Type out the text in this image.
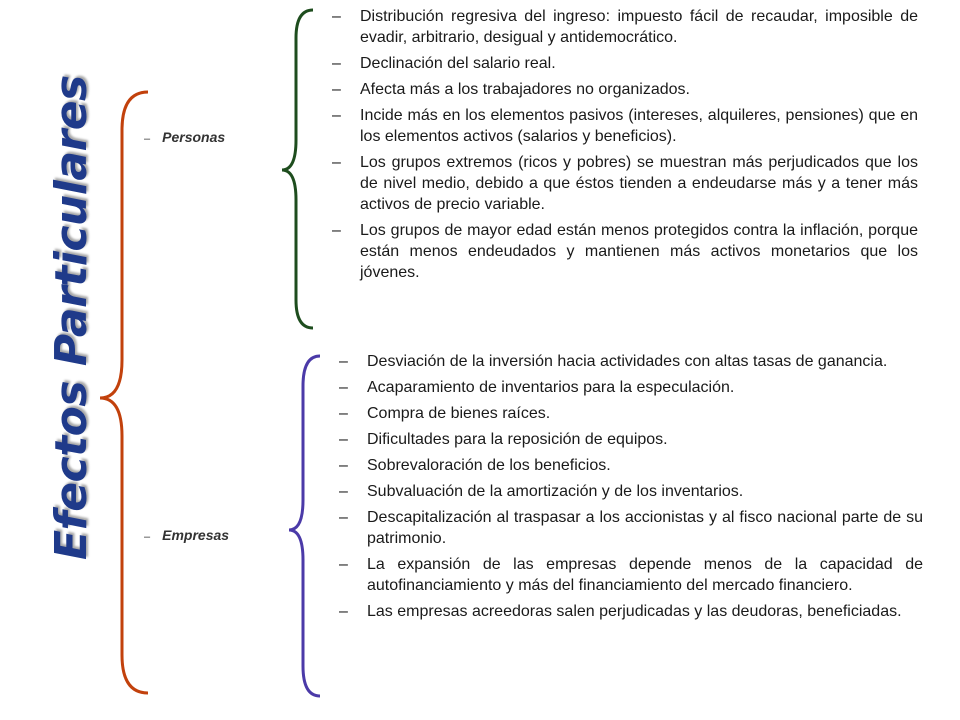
Efectos Particulares	– Personas
– Empresas
– Distribución regresiva del ingreso: impuesto fácil de recaudar, imposible de evadir, arbitrario, desigual y antidemocrático.
– Declinación del salario real.
– Afecta más a los trabajadores no organizados.
– Incide más en los elementos pasivos (intereses, alquileres, pensiones) que en los elementos activos (salarios y beneficios).
– Los grupos extremos (ricos y pobres) se muestran más perjudicados que los de nivel medio, debido a que éstos tienden a endeudarse más y a tener más activos de precio variable.
– Los grupos de mayor edad están menos protegidos contra la inflación, porque están menos endeudados y mantienen más activos monetarios que los jóvenes.
– Desviación de la inversión hacia actividades con altas tasas de ganancia.
– Acaparamiento de inventarios para la especulación.
– Compra de bienes raíces.
– Dificultades para la reposición de equipos.
– Sobrevaloración de los beneficios.
– Subvaluación de la amortización y de los inventarios.
– Descapitalización al traspasar a los accionistas y al fisco nacional parte de su patrimonio.
– La expansión de las empresas depende menos de la capacidad de autofinanciamiento y más del financiamiento del mercado financiero.
– Las empresas acreedoras salen perjudicadas y las deudoras, beneficiadas.
